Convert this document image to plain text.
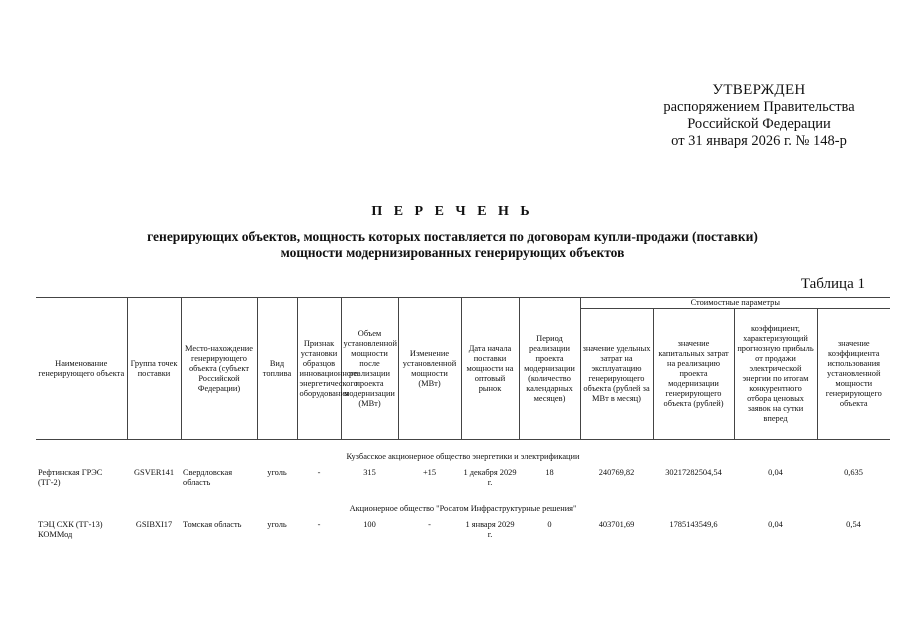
УТВЕРЖДЕН
распоряжением Правительства
Российской Федерации
от 31 января 2026 г. № 148-р
П Е Р Е Ч Е Н Ь
генерирующих объектов, мощность которых поставляется по договорам купли-продажи (поставки)
мощности модернизированных генерирующих объектов
Таблица 1
Наименование генерирующего объекта	Группа точек поставки	Место-нахождение генерирующего объекта (субъект Российской Федерации)	Вид топлива	Признак установки образцов инновационного энергетического оборудования	Объем установленной мощности после реализации проекта модернизации (МВт)	Изменение установленной мощности (МВт)	Дата начала поставки мощности на оптовый рынок	Период реализации проекта модернизации (количество календарных месяцев)	Стоимостные параметры			
									значение удельных затрат на эксплуатацию генерирующего объекта (рублей за МВт в месяц)	значение капитальных затрат на реализацию проекта модернизации генерирующего объекта (рублей)	коэффициент, характеризующий прогнозную прибыль от продажи электрической энергии по итогам конкурентного отбора ценовых заявок на сутки вперед	значение коэффициента использования установленной мощности генерирующего объекта
Кузбасское акционерное общество энергетики и электрификации												
Рефтинская ГРЭС (ТГ-2)	GSVER141	Свердловская область	уголь	-	315	+15	1 декабря 2029 г.	18	240769,82	30217282504,54	0,04	0,635
Акционерное общество "Росатом Инфраструктурные решения"												
ТЭЦ СХК (ТГ-13) КОММод	GSIBXI17	Томская область	уголь	-	100	-	1 января 2029 г.	0	403701,69	1785143549,6	0,04	0,54
